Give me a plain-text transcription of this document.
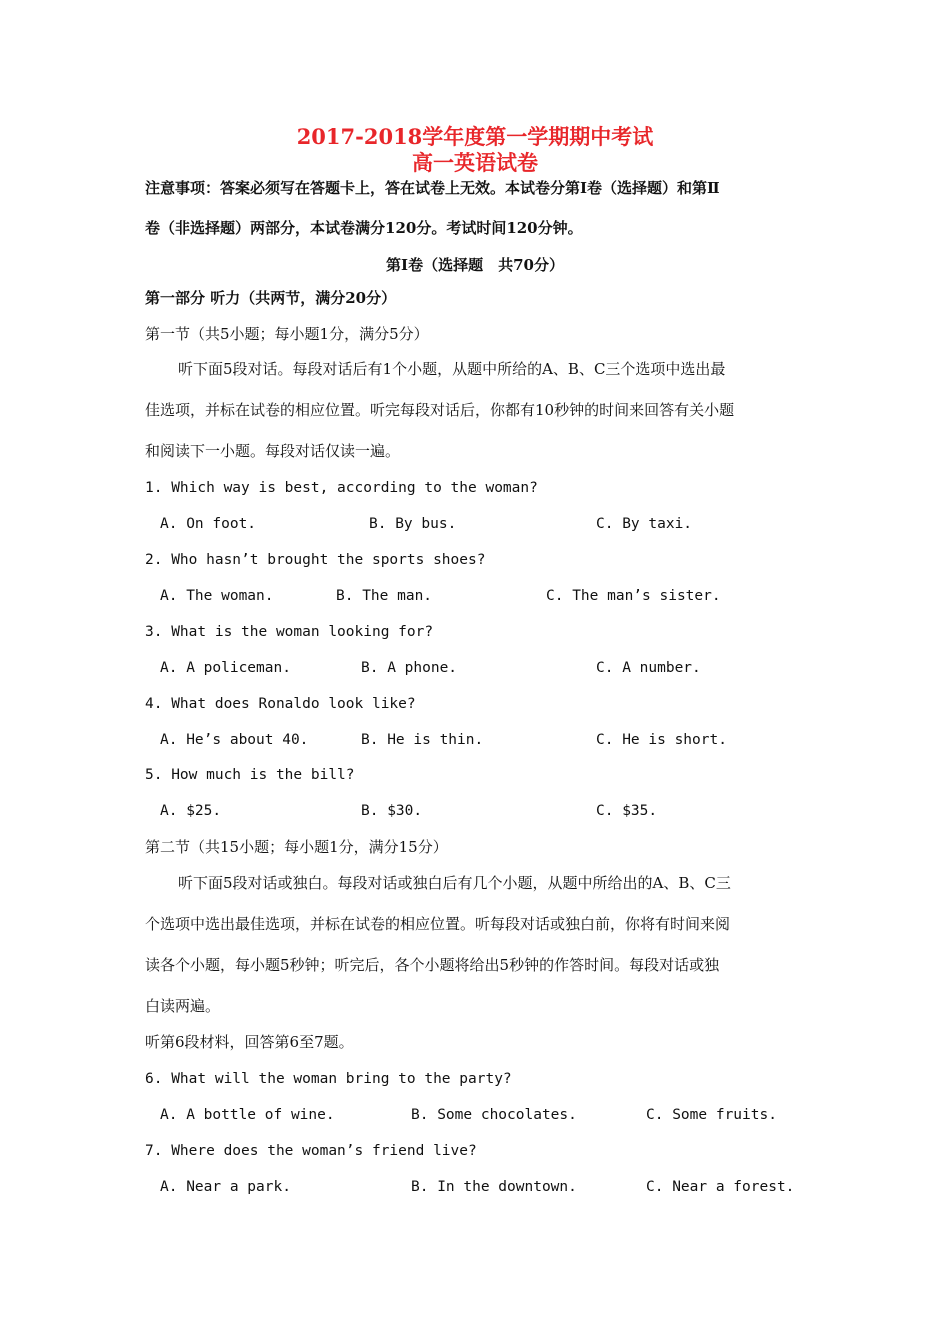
2017-2018学年度第一学期期中考试
高一英语试卷
注意事项：答案必须写在答题卡上，答在试卷上无效。本试卷分第Ⅰ卷（选择题）和第Ⅱ
卷（非选择题）两部分，本试卷满分120分。考试时间120分钟。
第Ⅰ卷（选择题　共70分）
第一部分 听力（共两节，满分20分）
第一节（共5小题；每小题1分，满分5分）
听下面5段对话。每段对话后有1个小题，从题中所给的A、B、C三个选项中选出最
佳选项，并标在试卷的相应位置。听完每段对话后，你都有10秒钟的时间来回答有关小题
和阅读下一小题。每段对话仅读一遍。
1. Which way is best, according to the woman?
A. On foot.	B. By bus.	C. By taxi.
2. Who hasn’t brought the sports shoes?
A. The woman.	B. The man.	C. The man’s sister.
3. What is the woman looking for?
A. A policeman.	B. A phone.	C. A number.
4. What does Ronaldo look like?
A. He’s about 40.	B. He is thin.	C. He is short.
5. How much is the bill?
A. $25.	B. $30.	C. $35.
第二节（共15小题；每小题1分，满分15分）
听下面5段对话或独白。每段对话或独白后有几个小题，从题中所给出的A、B、C三
个选项中选出最佳选项，并标在试卷的相应位置。听每段对话或独白前，你将有时间来阅
读各个小题，每小题5秒钟；听完后，各个小题将给出5秒钟的作答时间。每段对话或独
白读两遍。
听第6段材料，回答第6至7题。
6. What will the woman bring to the party?
A. A bottle of wine.	B. Some chocolates.	C. Some fruits.
7. Where does the woman’s friend live?
A. Near a park.	B. In the downtown.	C. Near a forest.
